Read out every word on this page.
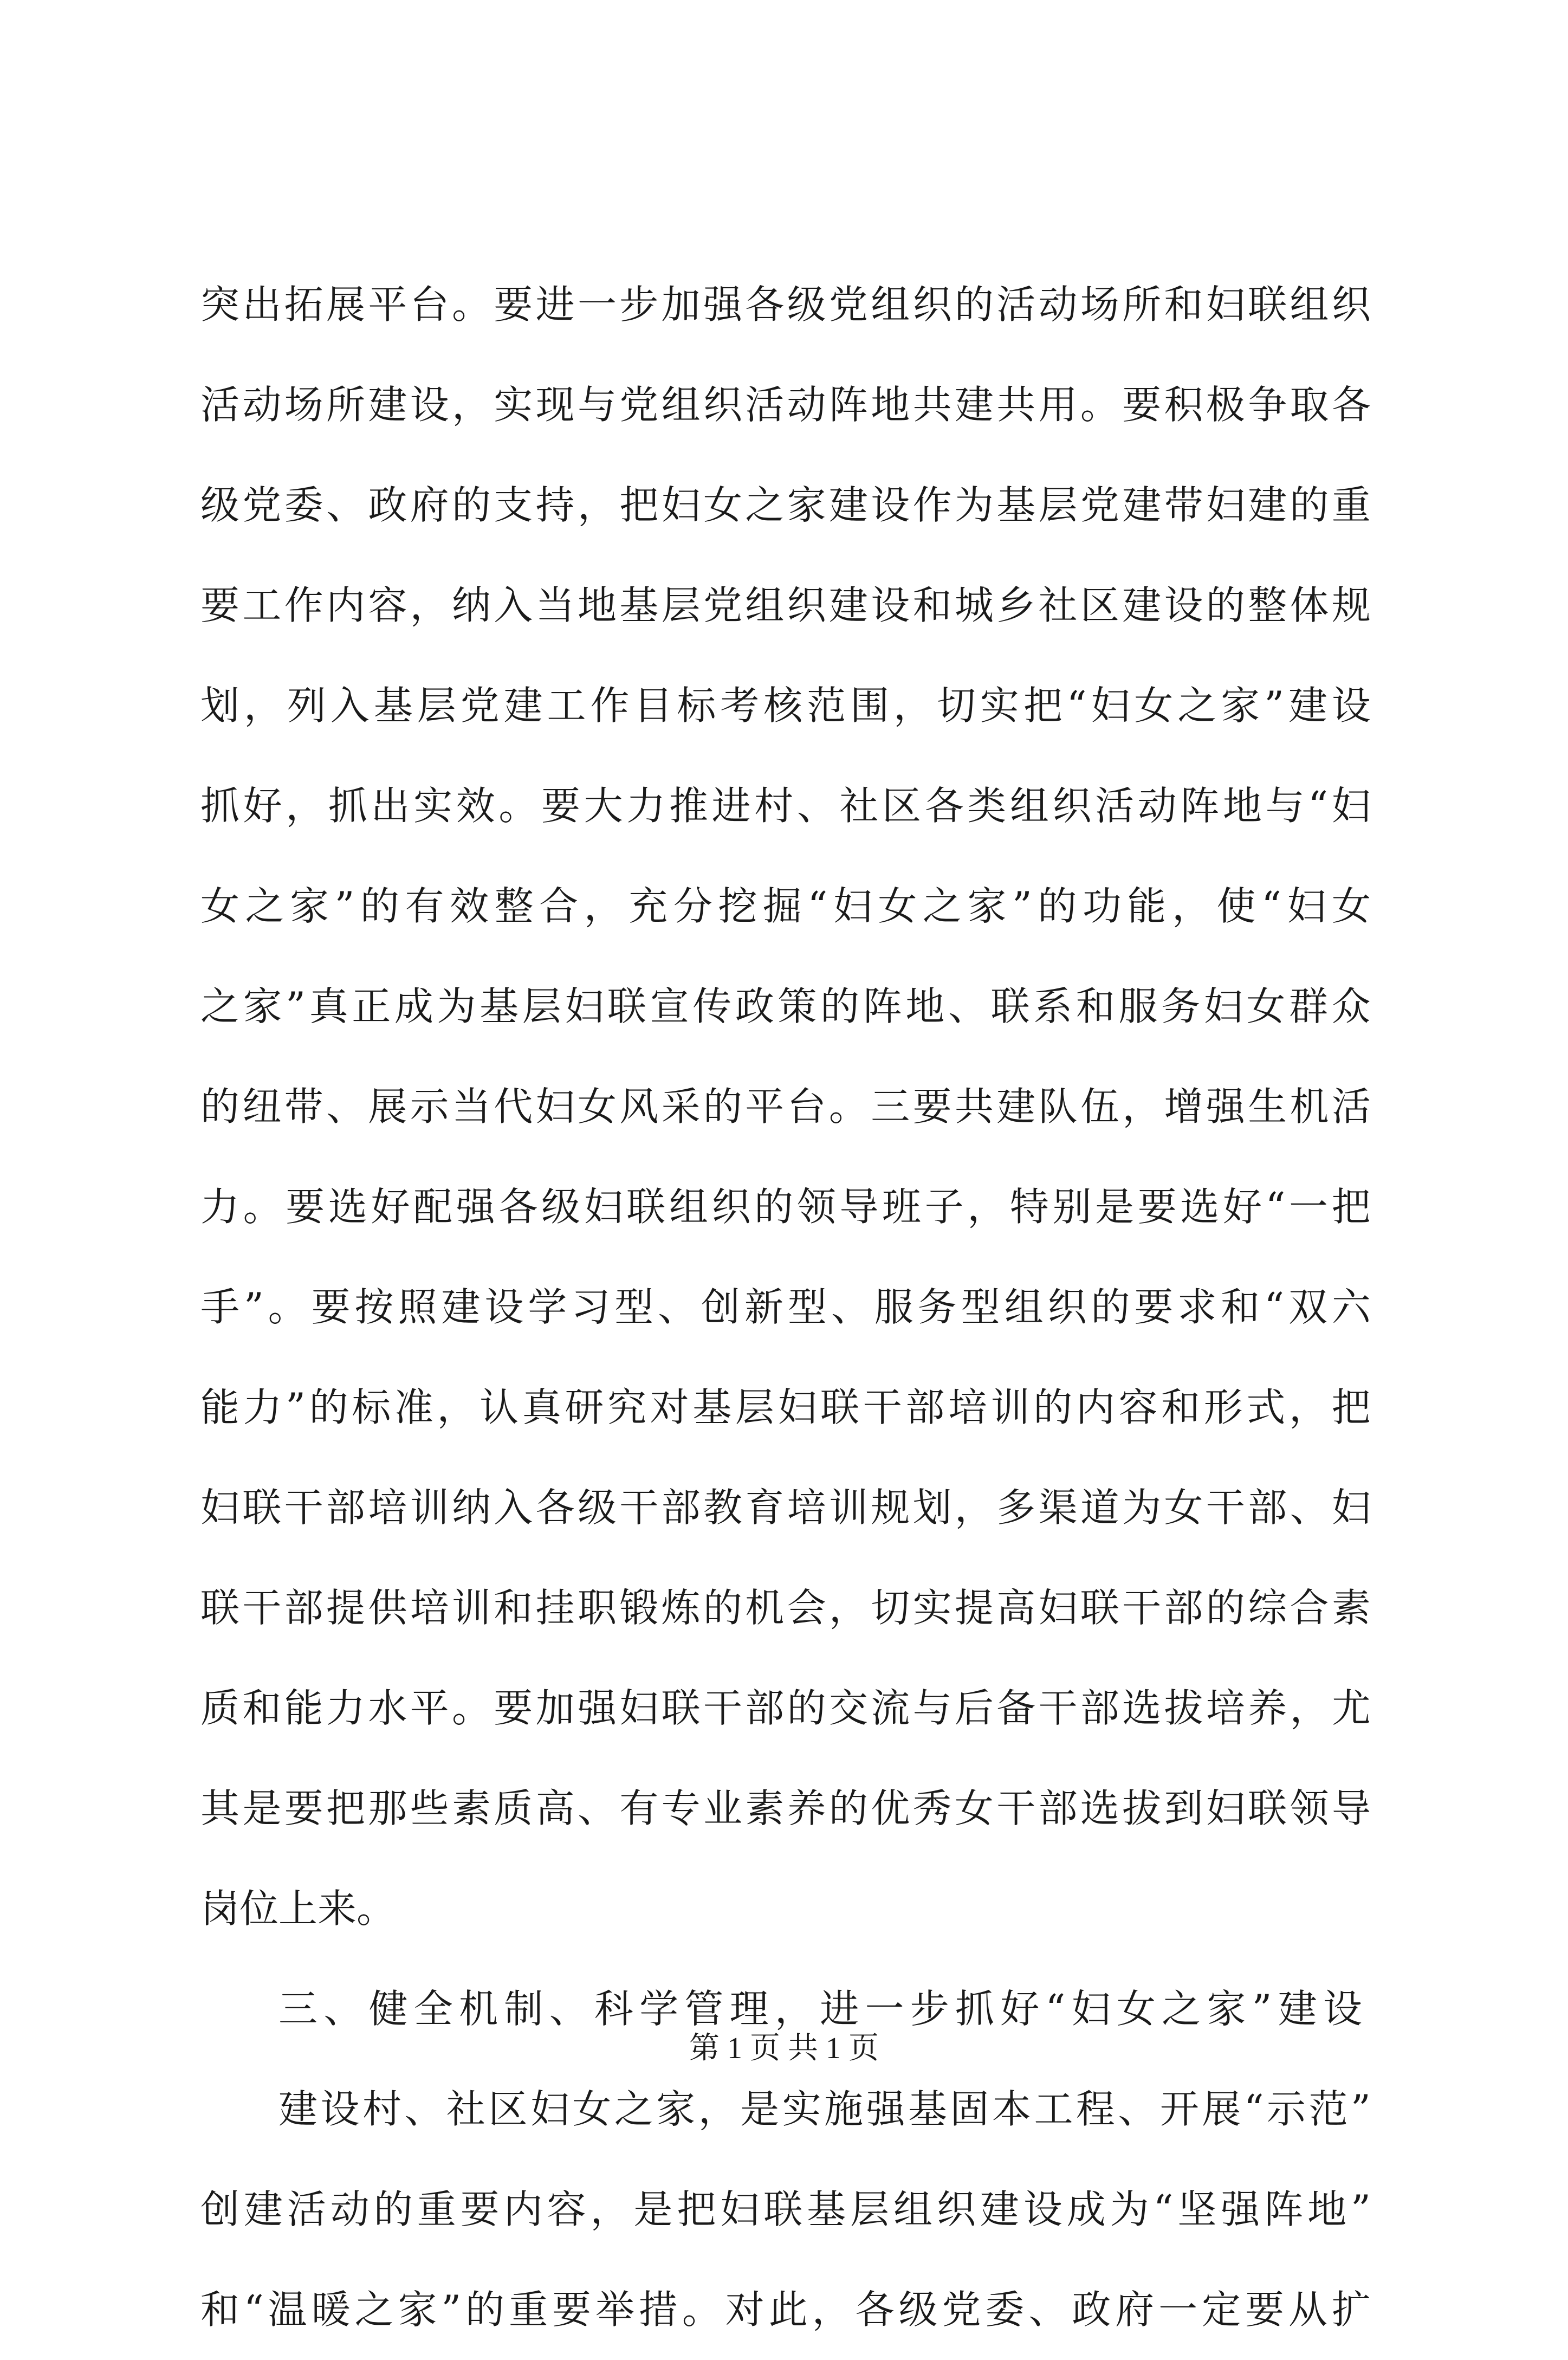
突 出 拓 展 平 台 。 要 进 一 步 加 强 各 级 党 组 织 的 活 动 场 所 和 妇 联 组 织
活 动 场 所 建 设 ， 实 现 与 党 组 织 活 动 阵 地 共 建 共 用 。 要 积 极 争 取 各
级 党 委 、 政 府 的 支 持 ， 把 妇 女 之 家 建 设 作 为 基 层 党 建 带 妇 建 的 重
要 工 作 内 容 ， 纳 入 当 地 基 层 党 组 织 建 设 和 城 乡 社 区 建 设 的 整 体 规
划 ， 列 入 基 层 党 建 工 作 目 标 考 核 范 围 ， 切 实 把 “ 妇 女 之 家 ” 建 设
抓 好 ， 抓 出 实 效 。 要 大 力 推 进 村 、 社 区 各 类 组 织 活 动 阵 地 与 “ 妇
女 之 家 ” 的 有 效 整 合 ， 充 分 挖 掘 “ 妇 女 之 家 ” 的 功 能 ， 使 “ 妇 女
之 家 ” 真 正 成 为 基 层 妇 联 宣 传 政 策 的 阵 地 、 联 系 和 服 务 妇 女 群 众
的 纽 带 、 展 示 当 代 妇 女 风 采 的 平 台 。 三 要 共 建 队 伍 ， 增 强 生 机 活
力 。 要 选 好 配 强 各 级 妇 联 组 织 的 领 导 班 子 ， 特 别 是 要 选 好 “ 一 把
手 ” 。 要 按 照 建 设 学 习 型 、 创 新 型 、 服 务 型 组 织 的 要 求 和 “ 双 六
能 力 ” 的 标 准 ， 认 真 研 究 对 基 层 妇 联 干 部 培 训 的 内 容 和 形 式 ， 把
妇 联 干 部 培 训 纳 入 各 级 干 部 教 育 培 训 规 划 ， 多 渠 道 为 女 干 部 、 妇
联 干 部 提 供 培 训 和 挂 职 锻 炼 的 机 会 ， 切 实 提 高 妇 联 干 部 的 综 合 素
质 和 能 力 水 平 。 要 加 强 妇 联 干 部 的 交 流 与 后 备 干 部 选 拔 培 养 ， 尤
其 是 要 把 那 些 素 质 高 、 有 专 业 素 养 的 优 秀 女 干 部 选 拔 到 妇 联 领 导
岗位上来。
三 、 健 全 机 制 、 科 学 管 理 ， 进 一 步 抓 好 “ 妇 女 之 家 ” 建 设
建 设 村 、 社 区 妇 女 之 家 ， 是 实 施 强 基 固 本 工 程 、 开 展 “ 示 范 ”
创 建 活 动 的 重 要 内 容 ， 是 把 妇 联 基 层 组 织 建 设 成 为 “ 坚 强 阵 地 ”
和 “ 温 暖 之 家 ” 的 重 要 举 措 。 对 此 ， 各 级 党 委 、 政 府 一 定 要 从 扩
第 1 页 共 1 页
